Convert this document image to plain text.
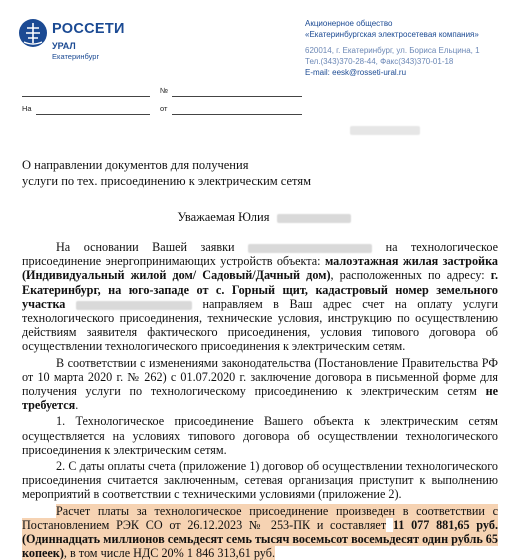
РОССЕТИ
УРАЛ
Екатеринбург
Акционерное общество
«Екатеринбургская электросетевая компания»
620014, г. Екатеринбург, ул. Бориса Ельцина, 1
Тел.(343)370-28-44, Факс(343)370-01-18
E-mail: eesk@rosseti-ural.ru
№
На	от
О направлении документов для получения
услуги по тех. присоединению к электрическим сетям
Уважаемая Юлия

На основании Вашей заявки	на технологическое присоединение энергопринимающих устройств объекта: малоэтажная жилая застройка (Индивидуальный жилой дом/ Садовый/Дачный дом), расположенных по адресу: г. Екатеринбург, на юго-западе от с. Горный щит, кадастровый номер земельного участка	направляем в Ваш адрес счет на оплату услуги технологического присоединения, технические условия, инструкцию по осуществлению действиям заявителя фактического присоединения, условия типового договора об осуществлении технологического присоединения к электрическим сетям.

В соответствии с изменениями законодательства (Постановление Правительства РФ от 10 марта 2020 г. № 262) с 01.07.2020 г. заключение договора в письменной форме для получения услуги по технологическому присоединению к электрическим сетям не требуется.

1. Технологическое присоединение Вашего объекта к электрическим сетям осуществляется на условиях типового договора об осуществлении технологического присоединения к электрическим сетям.

2. С даты оплаты счета (приложение 1) договор об осуществлении технологического присоединения считается заключенным, сетевая организация приступит к выполнению мероприятий в соответствии с техническими условиями (приложение 2).

Расчет платы за технологическое присоединение произведен в соответствии с Постановлением РЭК СО от 26.12.2023 № 253-ПК и составляет 11 077 881,65 руб. (Одиннадцать миллионов семьдесят семь тысяч восемьсот восемьдесят один рубль 65 копеек), в том числе НДС 20% 1 846 313,61 руб.
